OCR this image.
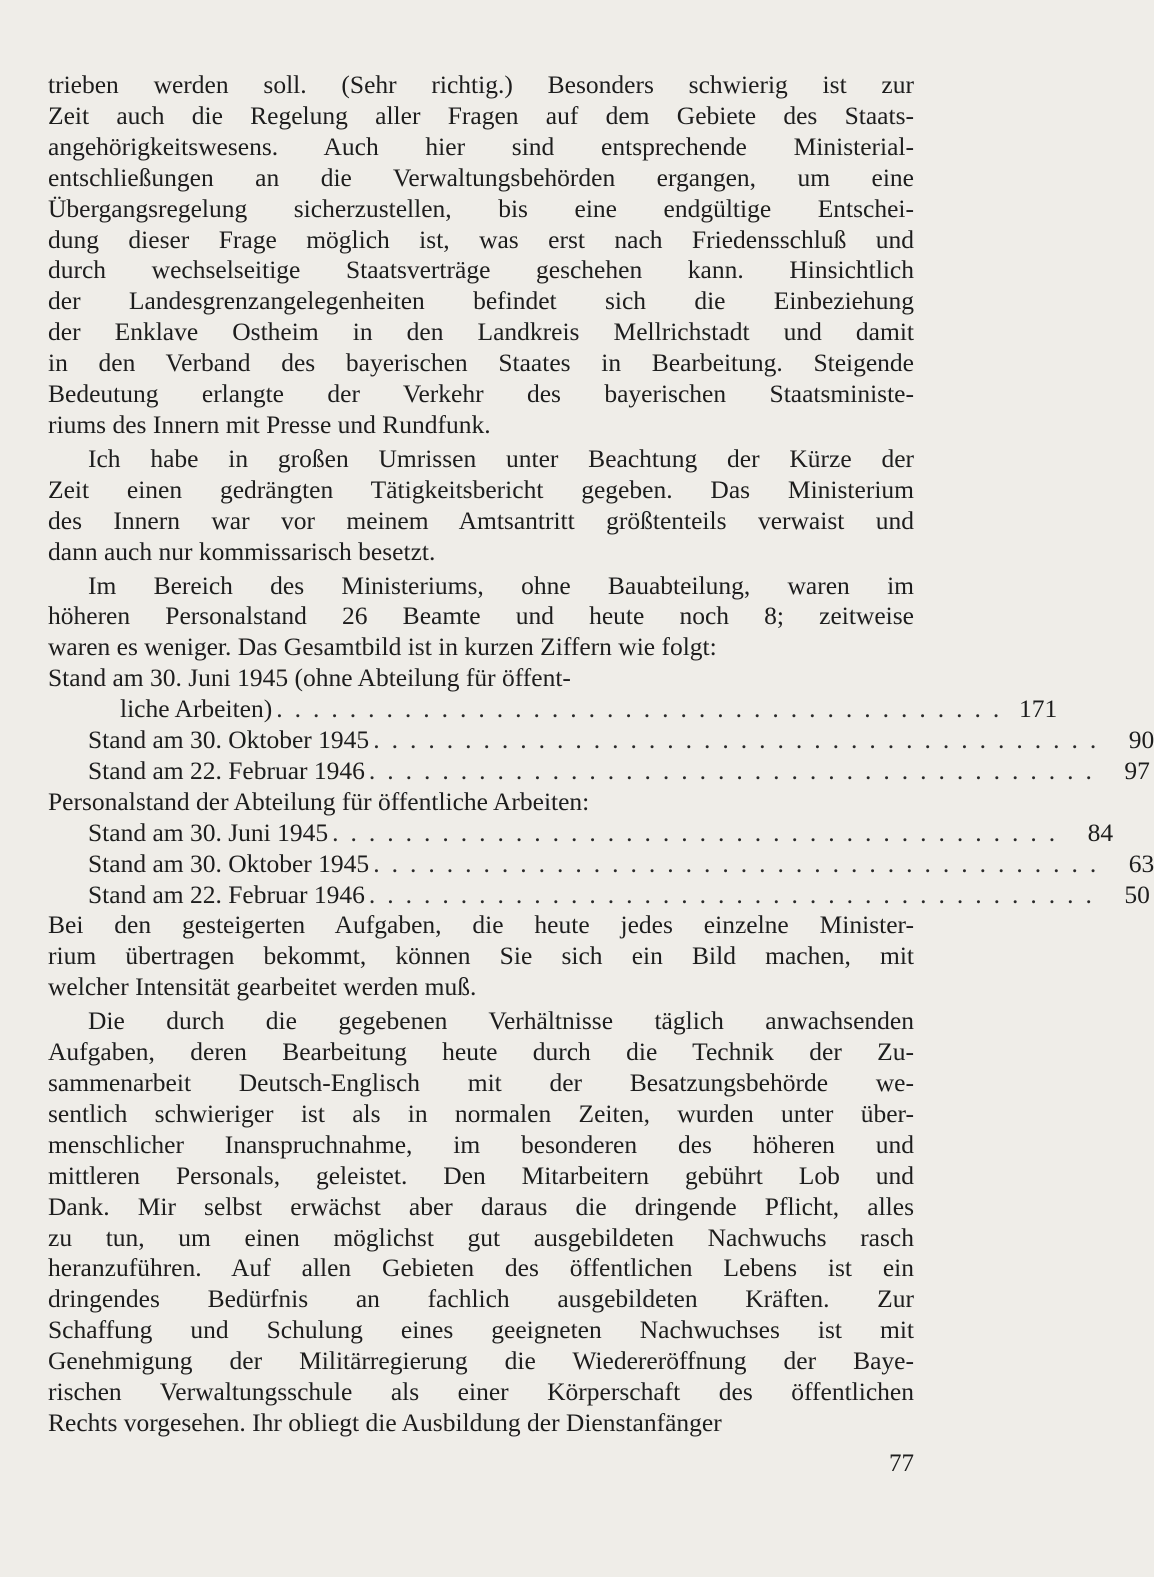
trieben werden soll. (Sehr richtig.) Besonders schwierig ist zur
Zeit auch die Regelung aller Fragen auf dem Gebiete des Staats-
angehörigkeitswesens. Auch hier sind entsprechende Ministerial-
entschließungen an die Verwaltungsbehörden ergangen, um eine
Übergangsregelung sicherzustellen, bis eine endgültige Entschei-
dung dieser Frage möglich ist, was erst nach Friedensschluß und
durch wechselseitige Staatsverträge geschehen kann. Hinsichtlich
der Landesgrenzangelegenheiten befindet sich die Einbeziehung
der Enklave Ostheim in den Landkreis Mellrichstadt und damit
in den Verband des bayerischen Staates in Bearbeitung. Steigende
Bedeutung erlangte der Verkehr des bayerischen Staatsministe-
riums des Innern mit Presse und Rundfunk.

Ich habe in großen Umrissen unter Beachtung der Kürze der
Zeit einen gedrängten Tätigkeitsbericht gegeben. Das Ministerium
des Innern war vor meinem Amtsantritt größtenteils verwaist und
dann auch nur kommissarisch besetzt.

Im Bereich des Ministeriums, ohne Bauabteilung, waren im
höheren Personalstand 26 Beamte und heute noch 8; zeitweise
waren es weniger. Das Gesamtbild ist in kurzen Ziffern wie folgt:

Stand am 30. Juni 1945 (ohne Abteilung für öffent-

liche Arbeiten) ........................................ 171
Stand am 30. Oktober 1945 ........................................ 90
Stand am 22. Februar 1946 ........................................ 97

Personalstand der Abteilung für öffentliche Arbeiten:

Stand am 30. Juni 1945 ........................................ 84
Stand am 30. Oktober 1945 ........................................ 63
Stand am 22. Februar 1946 ........................................ 50

Bei den gesteigerten Aufgaben, die heute jedes einzelne Minister-
rium übertragen bekommt, können Sie sich ein Bild machen, mit
welcher Intensität gearbeitet werden muß.

Die durch die gegebenen Verhältnisse täglich anwachsenden
Aufgaben, deren Bearbeitung heute durch die Technik der Zu-
sammenarbeit Deutsch-Englisch mit der Besatzungsbehörde we-
sentlich schwieriger ist als in normalen Zeiten, wurden unter über-
menschlicher Inanspruchnahme, im besonderen des höheren und
mittleren Personals, geleistet. Den Mitarbeitern gebührt Lob und
Dank. Mir selbst erwächst aber daraus die dringende Pflicht, alles
zu tun, um einen möglichst gut ausgebildeten Nachwuchs rasch
heranzuführen. Auf allen Gebieten des öffentlichen Lebens ist ein
dringendes Bedürfnis an fachlich ausgebildeten Kräften. Zur
Schaffung und Schulung eines geeigneten Nachwuchses ist mit
Genehmigung der Militärregierung die Wiedereröffnung der Baye-
rischen Verwaltungsschule als einer Körperschaft des öffentlichen
Rechts vorgesehen. Ihr obliegt die Ausbildung der Dienstanfänger

77
